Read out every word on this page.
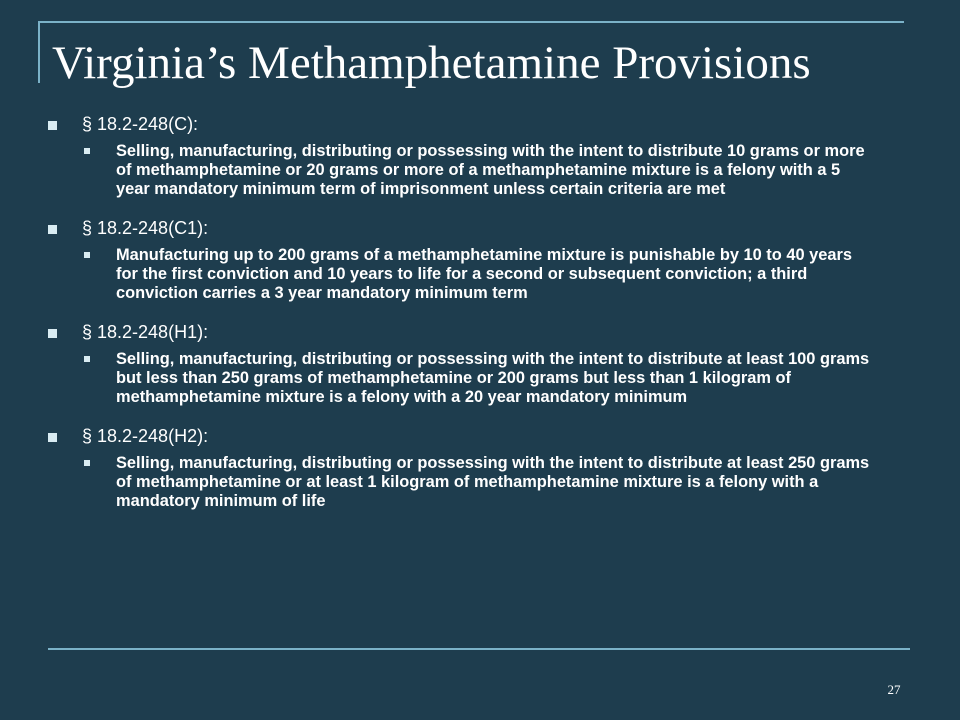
Virginia’s Methamphetamine Provisions
§ 18.2-248(C):
Selling, manufacturing, distributing or possessing with the intent to distribute 10 grams or more of methamphetamine or 20 grams or more of a methamphetamine mixture is a felony with a 5 year mandatory minimum term of imprisonment unless certain criteria are met
§ 18.2-248(C1):
Manufacturing up to 200 grams of a methamphetamine mixture is punishable by 10 to 40 years for the first conviction and 10 years to life for a second or subsequent conviction; a third conviction carries a 3 year mandatory minimum term
§ 18.2-248(H1):
Selling, manufacturing, distributing or possessing with the intent to distribute at least 100 grams but less than 250 grams of methamphetamine or 200 grams but less than 1 kilogram of methamphetamine mixture is a felony with a 20 year mandatory minimum
§ 18.2-248(H2):
Selling, manufacturing, distributing or possessing with the intent to distribute at least 250 grams of methamphetamine or at least 1 kilogram of methamphetamine mixture is a felony with a mandatory minimum of life
27
